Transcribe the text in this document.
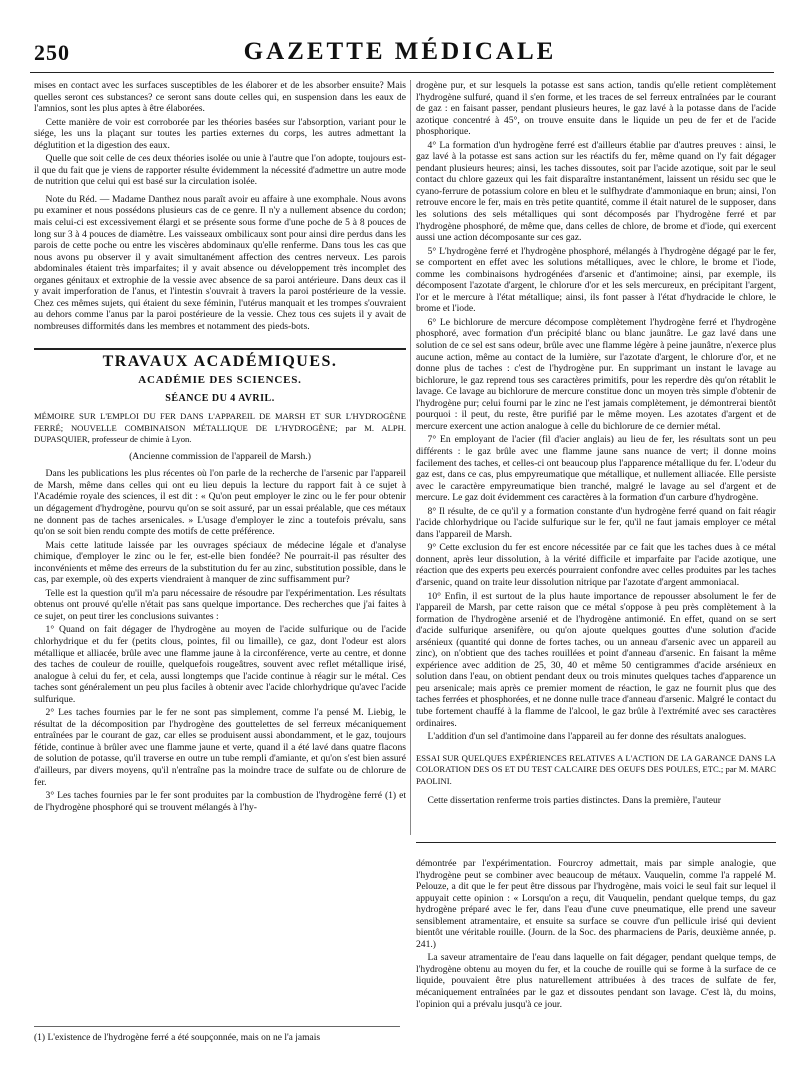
250	GAZETTE MÉDICALE

mises en contact avec les surfaces susceptibles de les élaborer et de les absorber ensuite? Mais quelles seront ces substances? ce seront sans doute celles qui, en suspension dans les eaux de l'amnios, sont les plus aptes à être élaborées.

Cette manière de voir est corroborée par les théories basées sur l'absorption, variant pour le siége, les uns la plaçant sur toutes les parties externes du corps, les autres admettant la déglutition et la digestion des eaux.

Quelle que soit celle de ces deux théories isolée ou unie à l'autre que l'on adopte, toujours est-il que du fait que je viens de rapporter résulte évidemment la nécessité d'admettre un autre mode de nutrition que celui qui est basé sur la circulation isolée.

Note du Réd. — Madame Danthez nous paraît avoir eu affaire à une exomphale. Nous avons pu examiner et nous possédons plusieurs cas de ce genre. Il n'y a nullement absence du cordon; mais celui-ci est excessivement élargi et se présente sous forme d'une poche de 5 à 8 pouces de long sur 3 à 4 pouces de diamètre. Les vaisseaux ombilicaux sont pour ainsi dire perdus dans les parois de cette poche ou entre les viscères abdominaux qu'elle renferme. Dans tous les cas que nous avons pu observer il y avait simultanément affection des centres nerveux. Les parois abdominales étaient très imparfaites; il y avait absence ou développement très incomplet des organes génitaux et extrophie de la vessie avec absence de sa paroi antérieure. Dans deux cas il y avait imperforation de l'anus, et l'intestin s'ouvrait à travers la paroi postérieure de la vessie. Chez ces mêmes sujets, qui étaient du sexe féminin, l'utérus manquait et les trompes s'ouvraient au dehors comme l'anus par la paroi postérieure de la vessie. Chez tous ces sujets il y avait de nombreuses difformités dans les membres et notamment des pieds-bots.

TRAVAUX ACADÉMIQUES.
ACADÉMIE DES SCIENCES.
SÉANCE DU 4 AVRIL.

MÉMOIRE SUR L'EMPLOI DU FER DANS L'APPAREIL DE MARSH ET SUR L'HYDROGÈNE FERRÉ; NOUVELLE COMBINAISON MÉTALLIQUE DE L'HYDROGÈNE; par M. ALPH. DUPASQUIER, professeur de chimie à Lyon.

(Ancienne commission de l'appareil de Marsh.)

Dans les publications les plus récentes où l'on parle de la recherche de l'arsenic par l'appareil de Marsh, même dans celles qui ont eu lieu depuis la lecture du rapport fait à ce sujet à l'Académie royale des sciences, il est dit : « Qu'on peut employer le zinc ou le fer pour obtenir un dégagement d'hydrogène, pourvu qu'on se soit assuré, par un essai préalable, que ces métaux ne donnent pas de taches arsenicales. » L'usage d'employer le zinc a toutefois prévalu, sans qu'on se soit bien rendu compte des motifs de cette préférence.

Mais cette latitude laissée par les ouvrages spéciaux de médecine légale et d'analyse chimique, d'employer le zinc ou le fer, est-elle bien fondée? Ne pourrait-il pas résulter des inconvénients et même des erreurs de la substitution du fer au zinc, substitution possible, dans le cas, par exemple, où des experts viendraient à manquer de zinc suffisamment pur?

Telle est la question qu'il m'a paru nécessaire de résoudre par l'expérimentation. Les résultats obtenus ont prouvé qu'elle n'était pas sans quelque importance. Des recherches que j'ai faites à ce sujet, on peut tirer les conclusions suivantes :

1° Quand on fait dégager de l'hydrogène au moyen de l'acide sulfurique ou de l'acide chlorhydrique et du fer (petits clous, pointes, fil ou limaille), ce gaz, dont l'odeur est alors métallique et alliacée, brûle avec une flamme jaune à la circonférence, verte au centre, et donne des taches de couleur de rouille, quelquefois rougeâtres, souvent avec reflet métallique irisé, analogue à celui du fer, et cela, aussi longtemps que l'acide continue à réagir sur le métal. Ces taches sont généralement un peu plus faciles à obtenir avec l'acide chlorhydrique qu'avec l'acide sulfurique.

2° Les taches fournies par le fer ne sont pas simplement, comme l'a pensé M. Liebig, le résultat de la décomposition par l'hydrogène des gouttelettes de sel ferreux mécaniquement entraînées par le courant de gaz, car elles se produisent aussi abondamment, et le gaz, toujours fétide, continue à brûler avec une flamme jaune et verte, quand il a été lavé dans quatre flacons de solution de potasse, qu'il traverse en outre un tube rempli d'amiante, et qu'on s'est bien assuré d'ailleurs, par divers moyens, qu'il n'entraîne pas la moindre trace de sulfate ou de chlorure de fer.

3° Les taches fournies par le fer sont produites par la combustion de l'hydrogène ferré (1) et de l'hydrogène phosphoré qui se trouvent mélangés à l'hy-

drogène pur, et sur lesquels la potasse est sans action, tandis qu'elle retient complètement l'hydrogène sulfuré, quand il s'en forme, et les traces de sel ferreux entraînées par le courant de gaz : en faisant passer, pendant plusieurs heures, le gaz lavé à la potasse dans de l'acide azotique concentré à 45°, on trouve ensuite dans le liquide un peu de fer et de l'acide phosphorique.

4° La formation d'un hydrogène ferré est d'ailleurs établie par d'autres preuves : ainsi, le gaz lavé à la potasse est sans action sur les réactifs du fer, même quand on l'y fait dégager pendant plusieurs heures; ainsi, les taches dissoutes, soit par l'acide azotique, soit par le seul contact du chlore gazeux qui les fait disparaître instantanément, laissent un résidu sec que le cyano-ferrure de potassium colore en bleu et le sulfhydrate d'ammoniaque en brun; ainsi, l'on retrouve encore le fer, mais en très petite quantité, comme il était naturel de le supposer, dans les solutions des sels métalliques qui sont décomposés par l'hydrogène ferré et par l'hydrogène phosphoré, de même que, dans celles de chlore, de brome et d'iode, qui exercent aussi une action décomposante sur ces gaz.

5° L'hydrogène ferré et l'hydrogène phosphoré, mélangés à l'hydrogène dégagé par le fer, se comportent en effet avec les solutions métalliques, avec le chlore, le brome et l'iode, comme les combinaisons hydrogénées d'arsenic et d'antimoine; ainsi, par exemple, ils décomposent l'azotate d'argent, le chlorure d'or et les sels mercureux, en précipitant l'argent, l'or et le mercure à l'état métallique; ainsi, ils font passer à l'état d'hydracide le chlore, le brome et l'iode.

6° Le bichlorure de mercure décompose complètement l'hydrogène ferré et l'hydrogène phosphoré, avec formation d'un précipité blanc ou blanc jaunâtre. Le gaz lavé dans une solution de ce sel est sans odeur, brûle avec une flamme légère à peine jaunâtre, n'exerce plus aucune action, même au contact de la lumière, sur l'azotate d'argent, le chlorure d'or, et ne donne plus de taches : c'est de l'hydrogène pur. En supprimant un instant le lavage au bichlorure, le gaz reprend tous ses caractères primitifs, pour les reperdre dès qu'on rétablit le lavage. Ce lavage au bichlorure de mercure constitue donc un moyen très simple d'obtenir de l'hydrogène pur; celui fourni par le zinc ne l'est jamais complètement, je démontrerai bientôt pourquoi : il peut, du reste, être purifié par le même moyen. Les azotates d'argent et de mercure exercent une action analogue à celle du bichlorure de ce dernier métal.

7° En employant de l'acier (fil d'acier anglais) au lieu de fer, les résultats sont un peu différents : le gaz brûle avec une flamme jaune sans nuance de vert; il donne moins facilement des taches, et celles-ci ont beaucoup plus l'apparence métallique du fer. L'odeur du gaz est, dans ce cas, plus empyreumatique que métallique, et nullement alliacée. Elle persiste avec le caractère empyreumatique bien tranché, malgré le lavage au sel d'argent et de mercure. Le gaz doit évidemment ces caractères à la formation d'un carbure d'hydrogène.

8° Il résulte, de ce qu'il y a formation constante d'un hydrogène ferré quand on fait réagir l'acide chlorhydrique ou l'acide sulfurique sur le fer, qu'il ne faut jamais employer ce métal dans l'appareil de Marsh.

9° Cette exclusion du fer est encore nécessitée par ce fait que les taches dues à ce métal donnent, après leur dissolution, à la vérité difficile et imparfaite par l'acide azotique, une réaction que des experts peu exercés pourraient confondre avec celles produites par les taches d'arsenic, quand on traite leur dissolution nitrique par l'azotate d'argent ammoniacal.

10° Enfin, il est surtout de la plus haute importance de repousser absolument le fer de l'appareil de Marsh, par cette raison que ce métal s'oppose à peu près complètement à la formation de l'hydrogène arsenié et de l'hydrogène antimonié. En effet, quand on se sert d'acide sulfurique arsenifère, ou qu'on ajoute quelques gouttes d'une solution d'acide arsénieux (quantité qui donne de fortes taches, ou un anneau d'arsenic avec un appareil au zinc), on n'obtient que des taches rouillées et point d'anneau d'arsenic. En faisant la même expérience avec addition de 25, 30, 40 et même 50 centigrammes d'acide arsénieux en solution dans l'eau, on obtient pendant deux ou trois minutes quelques taches d'apparence un peu arsenicale; mais après ce premier moment de réaction, le gaz ne fournit plus que des taches ferrées et phosphorées, et ne donne nulle trace d'anneau d'arsenic. Malgré le contact du tube fortement chauffé à la flamme de l'alcool, le gaz brûle à l'extrémité avec ses caractères ordinaires.

L'addition d'un sel d'antimoine dans l'appareil au fer donne des résultats analogues.

ESSAI SUR QUELQUES EXPÉRIENCES RELATIVES A L'ACTION DE LA GARANCE DANS LA COLORATION DES OS ET DU TEST CALCAIRE DES OEUFS DES POULES, ETC.; par M. MARC PAOLINI.

Cette dissertation renferme trois parties distinctes. Dans la première, l'auteur

démontrée par l'expérimentation. Fourcroy admettait, mais par simple analogie, que l'hydrogène peut se combiner avec beaucoup de métaux. Vauquelin, comme l'a rappelé M. Pelouze, a dit que le fer peut être dissous par l'hydrogène, mais voici le seul fait sur lequel il appuyait cette opinion : « Lorsqu'on a reçu, dit Vauquelin, pendant quelque temps, du gaz hydrogène préparé avec le fer, dans l'eau d'une cuve pneumatique, elle prend une saveur sensiblement atramentaire, et ensuite sa surface se couvre d'un pellicule irisé qui devient bientôt une véritable rouille. (Journ. de la Soc. des pharmaciens de Paris, deuxième année, p. 241.)

La saveur atramentaire de l'eau dans laquelle on fait dégager, pendant quelque temps, de l'hydrogène obtenu au moyen du fer, et la couche de rouille qui se forme à la surface de ce liquide, pouvaient être plus naturellement attribuées à des traces de sulfate de fer, mécaniquement entraînées par le gaz et dissoutes pendant son lavage. C'est là, du moins, l'opinion qui a prévalu jusqu'à ce jour.

(1) L'existence de l'hydrogène ferré a été soupçonnée, mais on ne l'a jamais
